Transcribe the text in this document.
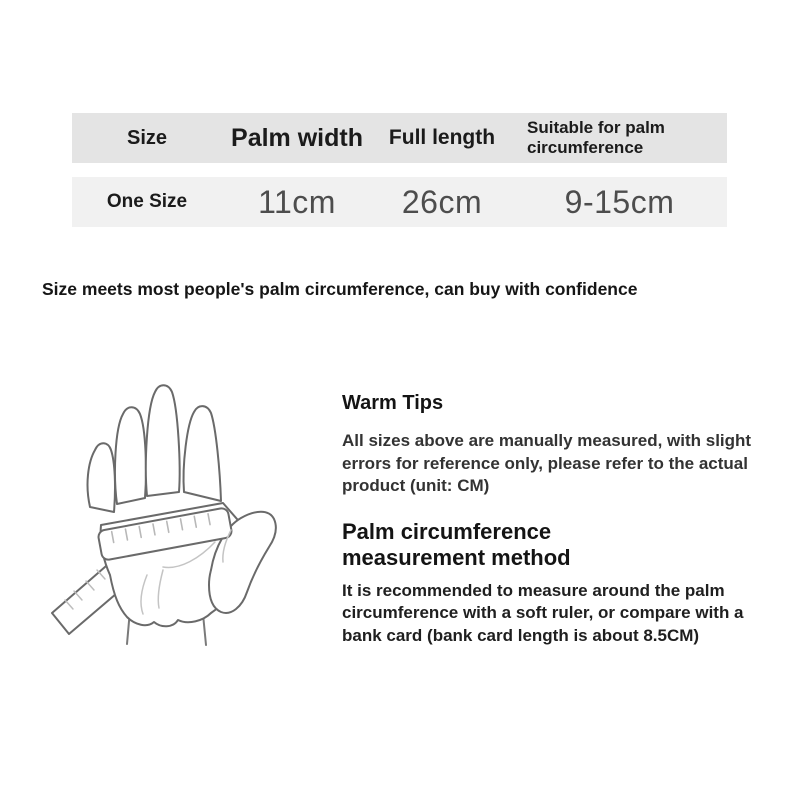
Size	Palm width	Full length	Suitable for palm circumference
One Size	11cm	26cm	9-15cm
Size meets most people's palm circumference, can buy with confidence
Warm Tips
All sizes above are manually measured, with slight errors for reference only, please refer to the actual product (unit: CM)
Palm circumference measurement method
It is recommended to measure around the palm circumference with a soft ruler, or compare with a bank card (bank card length is about 8.5CM)
